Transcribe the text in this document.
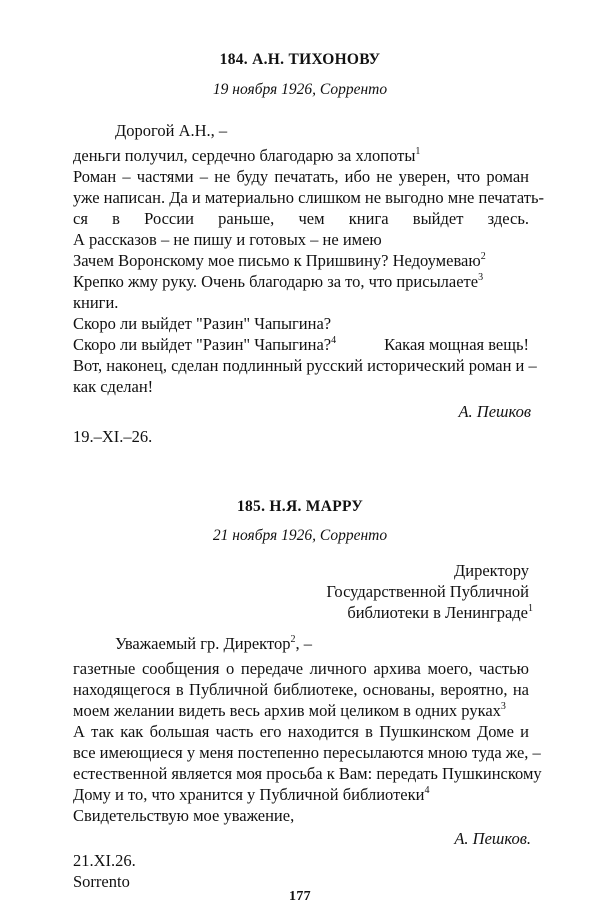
184. А.Н. ТИХОНОВУ
19 ноября 1926, Сорренто
Дорогой А.Н., –
деньги получил, сердечно благодарю за хлопоты$^1$
Роман – частями – не буду печатать, ибо не уверен, что роман
уже написан. Да и материально слишком не выгодно мне печатать-
ся в России раньше, чем книга выйдет здесь.
А рассказов – не пишу и готовых – не имею
Зачем Воронскому мое письмо к Пришвину? Недоумеваю$^2$
Крепко жму руку. Очень благодарю за то, что присылаете$^3$
книги.
Скоро ли выйдет "Разин" Чапыгина?
Скоро ли выйдет "Разин" Чапыгина?$^4$	Какая мощная вещь!
Вот, наконец, сделан подлинный русский исторический роман и –
как сделан!
А. Пешков
19.–XI.–26.
185. Н.Я. МАРРУ
21 ноября 1926, Сорренто
Директору
Государственной Публичной
библиотеки в Ленинграде$^1$
Уважаемый гр. Директор$^2$, –
газетные сообщения о передаче личного архива моего, частью
находящегося в Публичной библиотеке, основаны, вероятно, на
моем желании видеть весь архив мой целиком в одних руках$^3$
А так как большая часть его находится в Пушкинском Доме и
все имеющиеся у меня постепенно пересылаются мною туда же, –
естественной является моя просьба к Вам: передать Пушкинскому
Дому и то, что хранится у Публичной библиотеки$^4$
Свидетельствую мое уважение,
А. Пешков.
21.XI.26.
Sorrento
177
